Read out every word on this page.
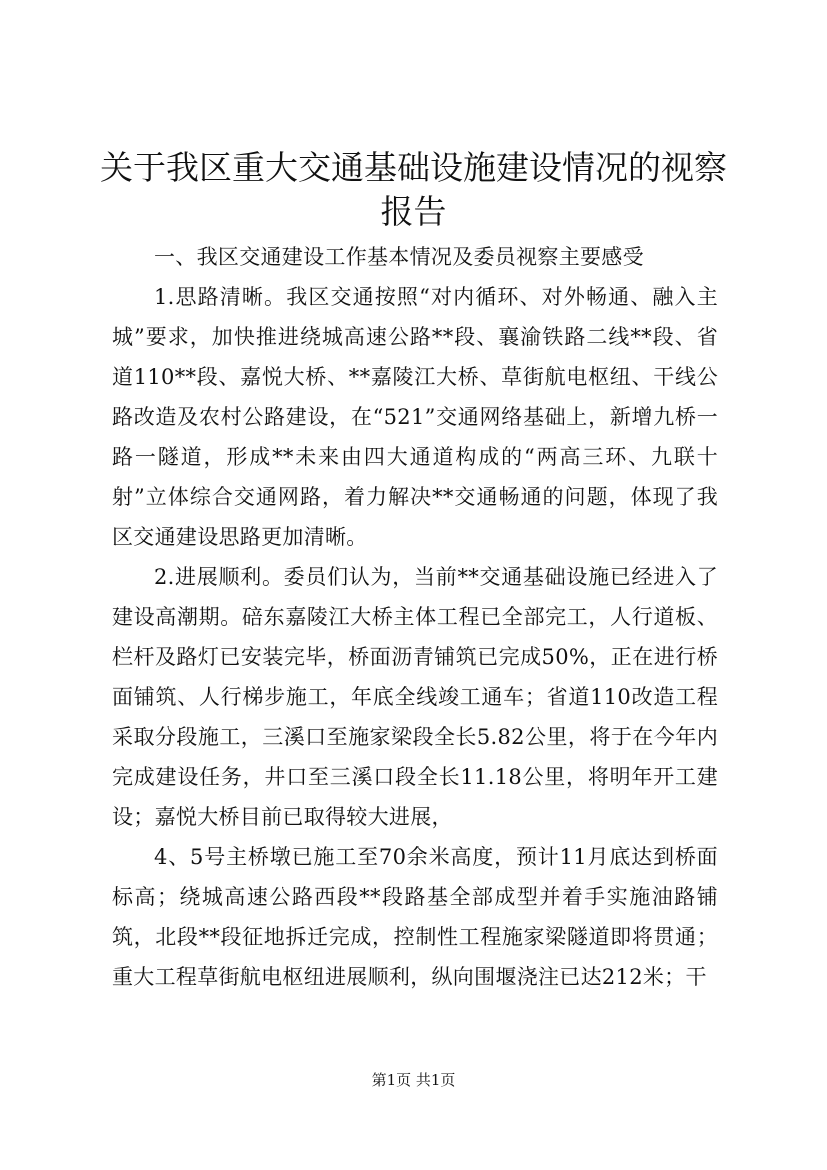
关于我区重大交通基础设施建设情况的视察报告

一、我区交通建设工作基本情况及委员视察主要感受

1.思路清晰。我区交通按照“对内循环、对外畅通、融入主城”要求，加快推进绕城高速公路**段、襄渝铁路二线**段、省道110**段、嘉悦大桥、**嘉陵江大桥、草街航电枢纽、干线公路改造及农村公路建设，在“521”交通网络基础上，新增九桥一路一隧道，形成**未来由四大通道构成的“两高三环、九联十射”立体综合交通网路，着力解决**交通畅通的问题，体现了我区交通建设思路更加清晰。

2.进展顺利。委员们认为，当前**交通基础设施已经进入了建设高潮期。碚东嘉陵江大桥主体工程已全部完工，人行道板、栏杆及路灯已安装完毕，桥面沥青铺筑已完成50%，正在进行桥面铺筑、人行梯步施工，年底全线竣工通车；省道110改造工程采取分段施工，三溪口至施家梁段全长5.82公里，将于在今年内完成建设任务，井口至三溪口段全长11.18公里，将明年开工建设；嘉悦大桥目前已取得较大进展，

4、5号主桥墩已施工至70余米高度，预计11月底达到桥面标高；绕城高速公路西段**段路基全部成型并着手实施油路铺筑，北段**段征地拆迁完成，控制性工程施家梁隧道即将贯通；重大工程草街航电枢纽进展顺利，纵向围堰浇注已达212米；干

第1页 共1页
